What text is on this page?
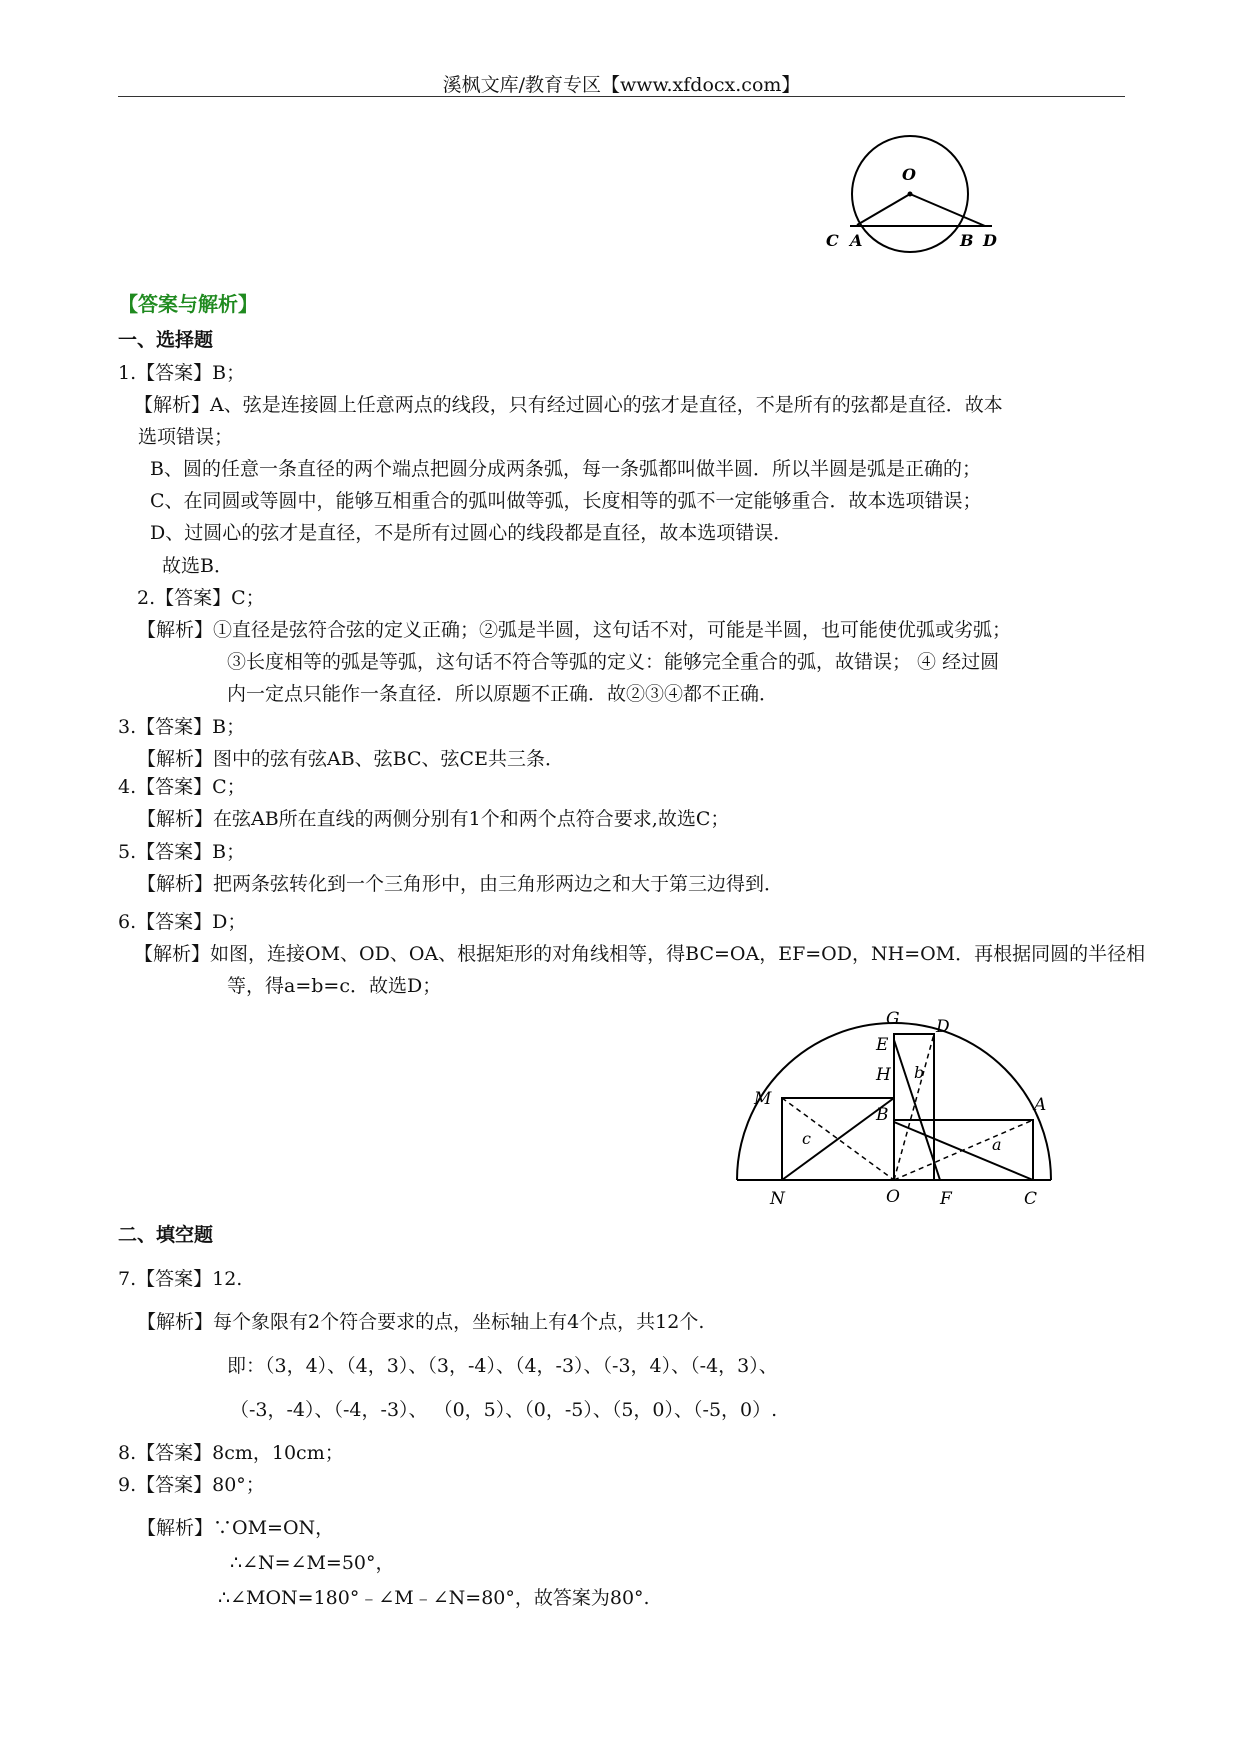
溪枫文库/教育专区【www.xfdocx.com】
O
C A	B D
【答案与解析】
一、选择题
1.【答案】B；
【解析】A、弦是连接圆上任意两点的线段，只有经过圆心的弦才是直径，不是所有的弦都是直径．故本
选项错误；
B、圆的任意一条直径的两个端点把圆分成两条弧，每一条弧都叫做半圆．所以半圆是弧是正确的；
C、在同圆或等圆中，能够互相重合的弧叫做等弧，长度相等的弧不一定能够重合．故本选项错误；
D、过圆心的弦才是直径，不是所有过圆心的线段都是直径，故本选项错误．
故选B．
2.【答案】C；
【解析】①直径是弦符合弦的定义正确；②弧是半圆，这句话不对，可能是半圆，也可能使优弧或劣弧；
③长度相等的弧是等弧，这句话不符合等弧的定义：能够完全重合的弧，故错误； ④ 经过圆
内一定点只能作一条直径．所以原题不正确．故②③④都不正确．
3.【答案】B；
【解析】图中的弦有弦AB、弦BC、弦CE共三条．
4.【答案】C；
【解析】在弦AB所在直线的两侧分别有1个和两个点符合要求,故选C；
5.【答案】B；
【解析】把两条弦转化到一个三角形中，由三角形两边之和大于第三边得到．
6.【答案】D；
【解析】如图，连接OM、OD、OA、根据矩形的对角线相等，得BC=OA，EF=OD，NH=OM．再根据同圆的半径相
等，得a=b=c．故选D；
G D
E
H
M
b
B	A
c	a
N	O F	C
二、填空题
7.【答案】12.
【解析】每个象限有2个符合要求的点，坐标轴上有4个点，共12个.
即：（3，4）、（4，3）、（3，-4）、（4，-3）、（-3，4）、（-4，3）、
（-3，-4）、（-4，-3）、 （0，5）、（0，-5）、（5，0）、（-5，0）.
8.【答案】8cm，10cm；
9.【答案】80°；
【解析】∵OM=ON，
∴∠N=∠M=50°，
∴∠MON=180°﹣∠M﹣∠N=80°，故答案为80°.
